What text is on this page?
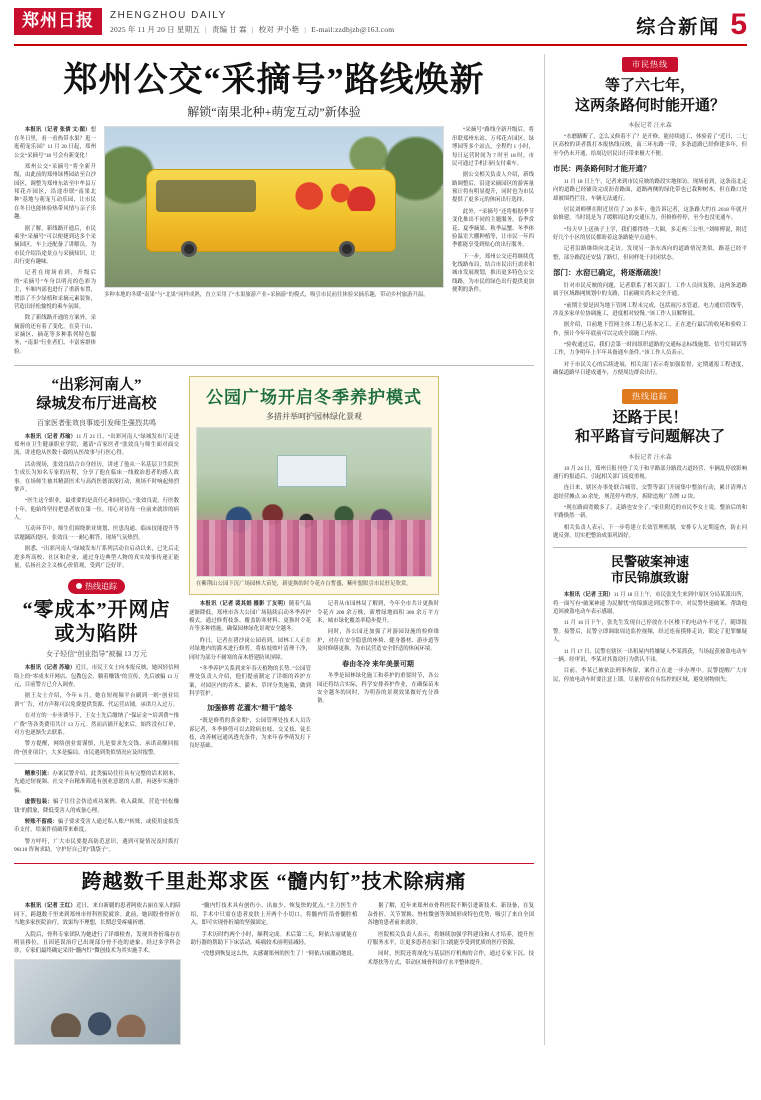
郑州日报	ZHENGZHOU DAILY
2025 年 11 月 20 日 星期五 | 责编 甘 霖 | 校对 尹小艳 | E-mail:zzdbjzb@163.com	综合新闻 5
郑州公交“采摘号”路线焕新
解锁“南果北种+萌宠互动”新体验

本报讯（记者 张倩 文/图）想在冬日里，看一看热带水果？逛一逛萌宠乐园？11 月 20 日起，郑州公交“采摘号”18 号会有新变化！

郑州公交“采摘号”将全新升级，由此前的郑州绿博园站至白沙园区，调整为郑州东站至中牟县万邦花卉园区，沿途串联“南果北种”基地与萌宠互动乐园，让市民在冬日也能体验热带风情与亲子乐趣。

据了解，新线路开通后，市民乘坐“采摘号”可以便捷到达多个采摘园区。车上还配备了讲解员，为市民介绍沿途景点与采摘知识，让出行更有趣味。

记者在现场看到，升级后的“采摘号”车身以明亮的色彩为主，车厢内部也进行了重新布置，增添了不少绿植和采摘元素装饰，营造出轻松愉悦的乘车氛围。

除了新线路开通的方案外，采摘游的还有着了变化。在莫干山、采摘区、摘花等多种系列特色服务，“南果”行业者们、丰富客群体验。

多种本地的冬暖“南果”与“北果”同样成熟，直立采用了“水果旅游产业+采摘游”的模式，吸引市民前往体验采摘乐趣，带动乡村旅游升温。

“采摘号”路线全新升级后，将串联郑州东站、万邦花卉园区、绿博园等多个站点，全程约 1 小时，每日运营时间为 7 时至 18 时，市民可通过手机扫码支付乘车。

据公交相关负责人介绍，新线路调整后，沿途采摘园区的游客量预计将有明显提升，同时也为市民提供了更多元的休闲出行选择。

此外，“采摘号”还将根据季节变化推出不同的主题服务，春季赏花、夏季摘果、秋季品蟹、冬季体验温室大棚种植等，让市民一年四季都能享受到贴心的出行服务。

下一步，郑州公交还将继续优化线路布局，结合市民出行需求和城市发展规划，推出更多特色公交线路，为市民的绿色出行提供更加便利的条件。

“出彩河南人”
绿城发布厅进高校
百家医者张效良事迹引发师生强烈共鸣

本报讯（记者 苏瑜）11 月 21 日，“出彩河南人”绿城发布厅走进郑州市卫生健康职业学院，邀请“百家医者”张效良与师生面对面交流，讲述他从医数十载的从医故事与行医心得。

活动现场，张效良结合自身经历，讲述了他从一名基层卫生院医生成长为知名专家的历程，分享了他在临床一线救治患者的感人故事。在场师生被其精湛医术与高尚医德深深打动，现场不时响起热烈掌声。

“医生这个职业，最重要的是责任心和同情心。”张效良说，行医数十年，他始终坚持把患者放在第一位，用心对待每一位前来就诊的病人。

互动环节中，师生们围绕职业规划、医患沟通、临床技能提升等话题踊跃提问，张效良一一耐心解答，现场气氛热烈。

据悉，“出彩河南人”绿城发布厅系列活动自启动以来，已先后走进多所高校、社区和企业，通过身边典型人物的真实故事传递正能量，弘扬社会主义核心价值观，受到广泛好评。

热线追踪
“零成本”开网店或为陷阱
女子轻信“创业指导”被骗 13 万元

本报讯（记者 苏瑜）近日，市民王女士向本报反映，她因轻信网络上的“零成本开网店、包教包会、躺着赚钱”的宣传，先后被骗 13 万元，目前警方已介入调查。

据王女士介绍，今年 8 月，她在短视频平台刷到一则“创业培训”广告，对方声称可以免费提供货源、代运营店铺，承诺月入过万。

在对方的一步步诱导下，王女士先后缴纳了“保证金”“培训费”“推广费”等各类费用共计 13 万元。然而店铺开起来后，始终没有订单，对方也逐渐失去联系。

警方提醒，网络创业需谨慎，凡是要求先交钱、承诺高额回报的“创业项目”，大多是骗局。市民遇到类似情况应及时报警。

精准引流：办案民警介绍，此类骗局往往具有完整的话术剧本，先通过短视频、社交平台精准筛选有创业意愿的人群，再逐步实施诈骗。

虚假包装：骗子往往会伪造成功案例、收入截图，营造"轻松赚钱"的假象，降低受害人的戒备心理。

转账不留痕：骗子要求受害人通过私人账户转账，或使用虚拟货币支付，给案件侦破带来难度。

警方呼吁，广大市民要提高防范意识，遇到可疑情况及时拨打 96110 咨询求助，守护好自己的"钱袋子"。

公园广场开启冬季养护模式
多措并举呵护园林绿化景观
在紫荆山公园下沉广场园林大苗处，新更换的时令花卉白皙盛、紫叶盟眼引市民驻足欣赏。

本报讯（记者 裴其娟 摄影 丁友明）随着气温逐渐降低，郑州市各大公园广场陆续启动冬季养护模式，通过修剪枝条、覆盖防寒材料、更换时令花卉等多种措施，确保园林绿化景观安全越冬。

昨日，记者在碧沙岗公园看到，园林工人正在对绿地内的灌木进行修剪，将枯枝败叶清理干净，同时为部分不耐寒的苗木搭建防风屏障。

“冬季养护关系到来年春天植物的长势。”公园管理处负责人介绍，他们提前制定了详细的养护方案，对园区内的乔木、灌木、草坪分类施策，做到科学管护。

加强修剪 花灌木“精干”越冬

“既是修剪的黄金期”，公园管理处技术人员告诉记者，冬季修剪可以去除病虫枝、交叉枝、徒长枝，改善树冠通风透光条件，为来年春季萌发打下良好基础。

记者从市园林局了解到，今年全市共计更换时令花卉 200 余万株，新增绿地面积 300 余万平方米，城市绿化覆盖率稳步提升。

同时，各公园还加强了对游园设施的检修维护，对存在安全隐患的座椅、健身器材、游步道等及时修缮更换，为市民营造安全舒适的休闲环境。

春由冬冷 来年美景可期

冬季是园林绿化施工和养护的重要时节，各公园还将结合实际，科学安排养护作业，在确保苗木安全越冬的同时，为明春的景观效果做好充分准备。

跨越数千里赴郑求医 “髓内钉”技术除病痛

本报讯（记者 王红）近日，来自新疆的患者阿依古丽在家人的陪同下，跨越数千里来到郑州市骨科医院就诊。此前，她因股骨骨折在当地多家医院治疗，效果均不理想，长期忍受疼痛折磨。

入院后，骨科专家团队为她进行了详细检查，发现其骨折端存在明显移位，且因延误治疗已出现部分骨不连的迹象。经过多学科会诊，专家们最终确定采用“髓内钉”微创技术为其实施手术。

“髓内钉技术具有创伤小、出血少、恢复快的优点。”主刀医生介绍，手术中只需在患者皮肤上开两个小切口，将髓内钉沿骨髓腔植入，即可实现骨折端的坚强固定。

手术历时约两个小时，顺利完成。术后第二天，阿依古丽就能在助行器的帮助下下床活动，疼痛较术前明显减轻。

“没想到恢复这么快，太感谢郑州的医生了！”阿依古丽激动地说。

据了解，近年来郑州市骨科医院不断引进新技术、新设备，在复杂骨折、关节置换、脊柱微创等领域形成特色优势，吸引了来自全国各地的患者前来就诊。

医院相关负责人表示，将继续加强学科建设和人才培养，提升医疗服务水平，让更多患者在家门口就能享受到优质的医疗资源。

同时，医院还将深化与基层医疗机构的合作，通过专家下沉、技术帮扶等方式，带动区域骨科诊疗水平整体提升。

市民热线
等了六七年，
这两条路何时能开通？
本报记者 汪永森

“水磨路断了，怎么又修着不了？是开修，能持续通工，体验着了”近日，二七区高校的读者拨打本报热线反映，南三环东路一带，多条道路已经修建多年，但至今仍未开通，给周边居民出行带来极大不便。

市民：两条路何时才能开通？

11 月 18 日上午，记者来到市民反映的路段实地探访。现场看到，这条南北走向的道路已经铺设完成沥青路面，道路两侧的绿化带也已栽种树木，但在路口处却被围挡拦住，车辆无法通行。

居民刘师傅在附近居住了 20 多年，他告诉记者，这条路大约在 2018 年就开始修建，当时说是为了缓解周边的交通压力，但修修停停，至今也没见通车。

“每天早上送孩子上学，我们都得绕一大圈，多走两三公里。”刘师傅说，附近好几个小区的居民都盼着这条路能早点通车。

记者沿路继续向北走访，发现另一条东西向的道路情况类似，路基已经平整，部分路段还安装了路灯，但同样处于封闭状态。

部门：水窑已确定，将逐渐疏浚！

针对市民反映的问题，记者联系了相关部门。工作人员回复称，这两条道路属于区域路网规划中的支路，目前确实尚未完全开通。

“前期主要是因为地下管网工程未完成，包括雨污水管道、电力通信管线等，涉及多家单位协调施工，进度相对较慢。”该工作人员解释说。

据介绍，目前地下管网主体工程已基本完工，正在进行最后的收尾和验收工作，预计今年年底前可以完成全部施工内容。

“验收通过后，我们会第一时间组织道路的交通标志标线施划、信号灯调试等工作，力争明年上半年具备通车条件。”该工作人员表示。

对于市民关心的后续进展，相关部门表示将加强监督，定期通报工程进度，确保道路早日建成通车，方便周边群众出行。

热线追踪
还路于民！
和平路盲亏问题解决了
本报记者 汪永森

10 月 24 日，郑州日报刊登了关于和平路部分路段占道经营、车辆乱停放影响通行的报道后，引起相关部门高度重视。

连日来，辖区办事处联合城管、交警等部门开展集中整治行动，累计清理占道经营摊点 30 余处，规范停车秩序，拆除违规广告牌 12 块。

“现在路面宽敞多了，走路也安全了。”家住附近的市民李女士说，整治后的和平路焕然一新。

相关负责人表示，下一步将建立长效管理机制，安排专人定期巡查，防止问题反弹，切实把整治成果巩固好。

民警破案神速
市民锦旗致谢

本报讯（记者 王阳）11 月 18 日上午，市民张先生来到中原区分局某派出所，将一面写有“破案神速 为民解忧”的锦旗送到民警手中，对民警快速破案、帮助他追回被盗电动车表示感谢。

11 月 16 日下午，张先生发现自己停放在小区楼下的电动车不见了，随即报警。接警后，民警立即调取周边监控视频，经过连夜摸排走访，锁定了犯罪嫌疑人。

11 月 17 日，民警在辖区一出租屋内将嫌疑人李某抓获，当场起获被盗电动车一辆。经审讯，李某对其盗窃行为供认不讳。

目前，李某已被依法刑事拘留，案件正在进一步办理中。民警提醒广大市民，停放电动车时要注意上锁，尽量停放在有监控的区域，避免财物损失。
